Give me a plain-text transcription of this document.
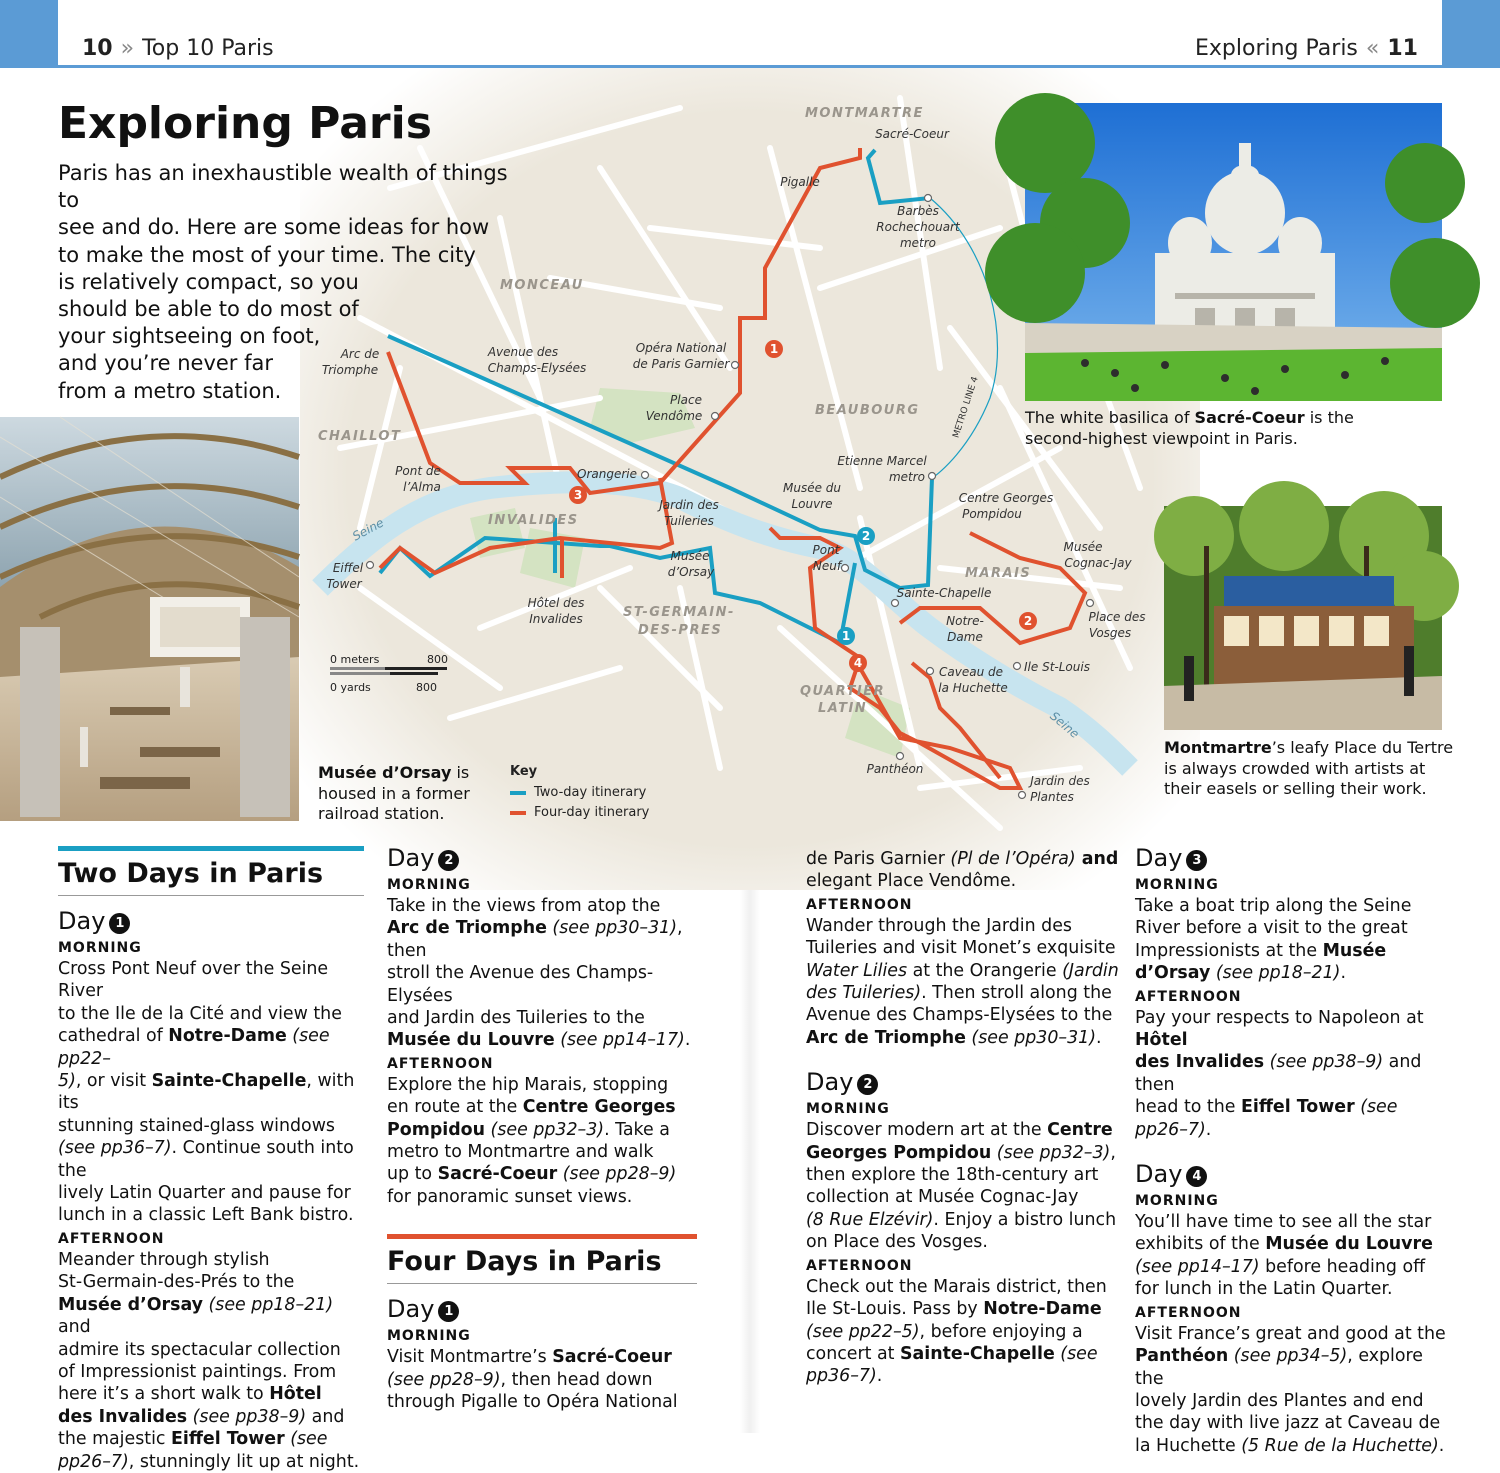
10 » Top 10 Paris	Exploring Paris « 11
1
2
3
1
2
4
MONTMARTRE
MONCEAU
CHAILLOT
INVALIDES
ST-GERMAIN-
DES-PRES
BEAUBOURG
MARAIS
QUARTIER
LATIN
Sacré-Coeur
Pigalle
Barbès
Rochechouart
metro
Arc de
Triomphe
Avenue des
Champs-Elysées
Opéra National
de Paris Garnier
Place
Vendôme
Pont de
l’Alma
Orangerie
Jardin des
Tuileries
Eiffel
Tower
Musée
d’Orsay
Hôtel des
Invalides
Etienne Marcel
metro
Musée du
Louvre	Centre Georges
Pompidou
Musée
Cognac-Jay
Pont
Neuf
Sainte-Chapelle
Notre-
Dame
Place des
Vosges
Caveau de
la Huchette
Ile St-Louis
Panthéon
Jardin des
Plantes
Seine
Seine
METRO LINE 4
0 meters	800
0 yards	800
Exploring Paris
Paris has an inexhaustible wealth of things to
see and do. Here are some ideas for how
to make the most of your time. The city
is relatively compact, so you
should be able to do most of
your sightseeing on foot,
and you’re never far
from a metro station.
Musée d’Orsay is
housed in a former
railroad station.
Key
Two-day itinerary
Four-day itinerary
The white basilica of Sacré-Coeur is the
second-highest viewpoint in Paris.
Montmartre’s leafy Place du Tertre
is always crowded with artists at
their easels or selling their work.
Two Days in Paris
Day 1
MORNING

Cross Pont Neuf over the Seine River
to the Ile de la Cité and view the
cathedral of Notre-Dame (see pp22–
5), or visit Sainte-Chapelle, with its
stunning stained-glass windows
(see pp36–7). Continue south into the
lively Latin Quarter and pause for
lunch in a classic Left Bank bistro.

AFTERNOON

Meander through stylish
St-Germain-des-Prés to the
Musée d’Orsay (see pp18–21) and
admire its spectacular collection
of Impressionist paintings. From
here it’s a short walk to Hôtel
des Invalides (see pp38–9) and
the majestic Eiffel Tower (see
pp26–7), stunningly lit up at night.

Day 2
MORNING

Take in the views from atop the
Arc de Triomphe (see pp30–31), then
stroll the Avenue des Champs-Elysées
and Jardin des Tuileries to the
Musée du Louvre (see pp14–17).

AFTERNOON

Explore the hip Marais, stopping
en route at the Centre Georges
Pompidou (see pp32–3). Take a
metro to Montmartre and walk
up to Sacré-Coeur (see pp28–9)
for panoramic sunset views.

Four Days in Paris
Day 1
MORNING

Visit Montmartre’s Sacré-Coeur
(see pp28–9), then head down
through Pigalle to Opéra National

de Paris Garnier (Pl de l’Opéra) and
elegant Place Vendôme.

AFTERNOON

Wander through the Jardin des
Tuileries and visit Monet’s exquisite
Water Lilies at the Orangerie (Jardin
des Tuileries). Then stroll along the
Avenue des Champs-Elysées to the
Arc de Triomphe (see pp30–31).

Day 2
MORNING

Discover modern art at the Centre
Georges Pompidou (see pp32–3),
then explore the 18th-century art
collection at Musée Cognac-Jay
(8 Rue Elzévir). Enjoy a bistro lunch
on Place des Vosges.

AFTERNOON

Check out the Marais district, then
Ile St-Louis. Pass by Notre-Dame
(see pp22–5), before enjoying a
concert at Sainte-Chapelle (see pp36–7).

Day 3
MORNING

Take a boat trip along the Seine
River before a visit to the great
Impressionists at the Musée
d’Orsay (see pp18–21).

AFTERNOON

Pay your respects to Napoleon at Hôtel
des Invalides (see pp38–9) and then
head to the Eiffel Tower (see pp26–7).

Day 4
MORNING

You’ll have time to see all the star
exhibits of the Musée du Louvre
(see pp14–17) before heading off
for lunch in the Latin Quarter.

AFTERNOON

Visit France’s great and good at the
Panthéon (see pp34–5), explore the
lovely Jardin des Plantes and end
the day with live jazz at Caveau de
la Huchette (5 Rue de la Huchette).
